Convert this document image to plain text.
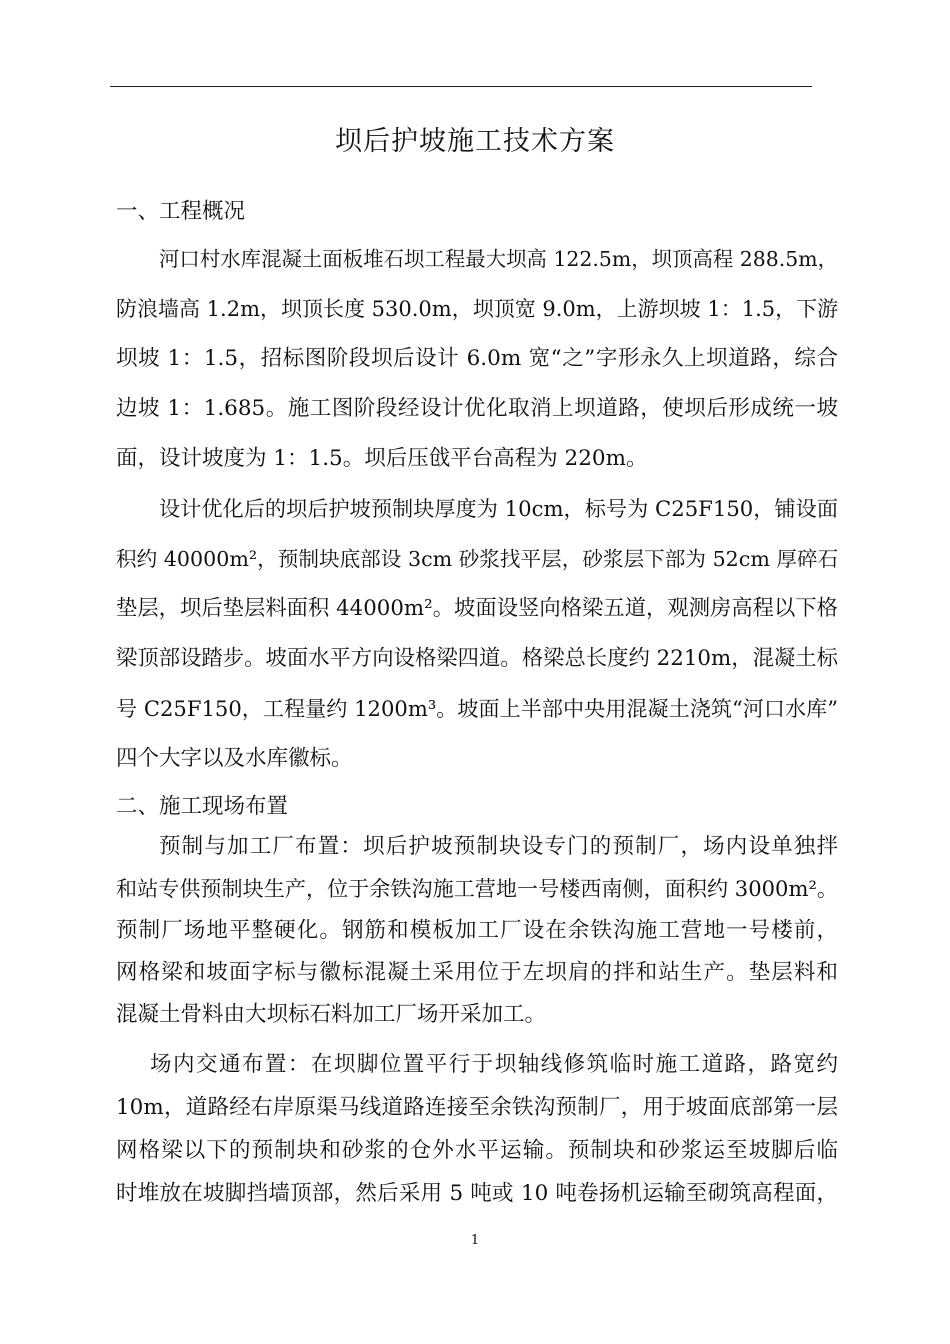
坝后护坡施工技术方案
一、工程概况
河口村水库混凝土面板堆石坝工程最大坝高 122.5m，坝顶高程 288.5m，
防浪墙高 1.2m，坝顶长度 530.0m，坝顶宽 9.0m，上游坝坡 1：1.5，下游
坝坡 1：1.5，招标图阶段坝后设计 6.0m 宽“之”字形永久上坝道路，综合
边坡 1：1.685。施工图阶段经设计优化取消上坝道路，使坝后形成统一坡
面，设计坡度为 1：1.5。坝后压戗平台高程为 220m。
设计优化后的坝后护坡预制块厚度为 10cm，标号为 C25F150，铺设面
积约 40000m²，预制块底部设 3cm 砂浆找平层，砂浆层下部为 52cm 厚碎石
垫层，坝后垫层料面积 44000m²。坡面设竖向格梁五道，观测房高程以下格
梁顶部设踏步。坡面水平方向设格梁四道。格梁总长度约 2210m，混凝土标
号 C25F150，工程量约 1200m³。坡面上半部中央用混凝土浇筑“河口水库”
四个大字以及水库徽标。
二、施工现场布置
预制与加工厂布置：坝后护坡预制块设专门的预制厂，场内设单独拌
和站专供预制块生产，位于余铁沟施工营地一号楼西南侧，面积约 3000m²。
预制厂场地平整硬化。钢筋和模板加工厂设在余铁沟施工营地一号楼前，
网格梁和坡面字标与徽标混凝土采用位于左坝肩的拌和站生产。垫层料和
混凝土骨料由大坝标石料加工厂场开采加工。
场内交通布置：在坝脚位置平行于坝轴线修筑临时施工道路，路宽约
10m，道路经右岸原渠马线道路连接至余铁沟预制厂，用于坡面底部第一层
网格梁以下的预制块和砂浆的仓外水平运输。预制块和砂浆运至坡脚后临
时堆放在坡脚挡墙顶部，然后采用 5 吨或 10 吨卷扬机运输至砌筑高程面，
1
